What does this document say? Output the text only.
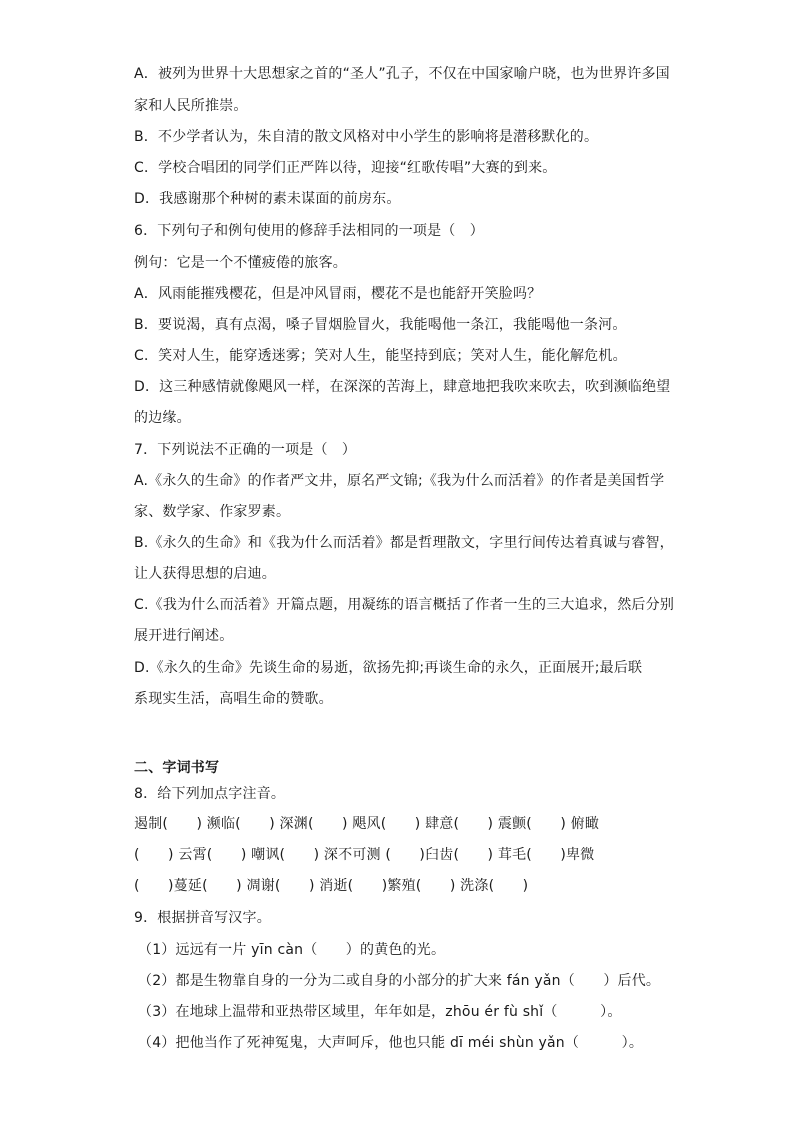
A．被列为世界十大思想家之首的“圣人”孔子，不仅在中国家喻户晓，也为世界许多国
家和人民所推崇。
B．不少学者认为，朱自清的散文风格对中小学生的影响将是潜移默化的。
C．学校合唱团的同学们正严阵以待，迎接“红歌传唱”大赛的到来。
D．我感谢那个种树的素未谋面的前房东。
6．下列句子和例句使用的修辞手法相同的一项是（　）
例句：它是一个不懂疲倦的旅客。
A．风雨能摧残樱花，但是冲风冒雨，樱花不是也能舒开笑脸吗？
B．要说渴，真有点渴，嗓子冒烟脸冒火，我能喝他一条江，我能喝他一条河。
C．笑对人生，能穿透迷雾；笑对人生，能坚持到底；笑对人生，能化解危机。
D．这三种感情就像飓风一样，在深深的苦海上，肆意地把我吹来吹去，吹到濒临绝望
的边缘。
7．下列说法不正确的一项是（　）
A.《永久的生命》的作者严文井，原名严文锦;《我为什么而活着》的作者是美国哲学
家、数学家、作家罗素。
B.《永久的生命》和《我为什么而活着》都是哲理散文，字里行间传达着真诚与睿智，
让人获得思想的启迪。
C.《我为什么而活着》开篇点题，用凝练的语言概括了作者一生的三大追求，然后分别
展开进行阐述。
D.《永久的生命》先谈生命的易逝，欲扬先抑;再谈生命的永久，正面展开;最后联
系现实生活，高唱生命的赞歌。
二、字词书写
8．给下列加点字注音。
遏制(　　) 濒临(　　) 深渊(　　) 飓风(　　) 肆意(　　) 震颤(　　) 俯瞰
(　　) 云霄(　　) 嘲讽(　　) 深不可测 (　　)臼齿(　　) 茸毛(　　)卑微
(　　)蔓延(　　) 凋谢(　　) 消逝(　　)繁殖(　　) 洗涤(　　)
9．根据拼音写汉字。
（1）远远有一片 yīn càn（　　）的黄色的光。
（2）都是生物靠自身的一分为二或自身的小部分的扩大来 fán yǎn（　　）后代。
（3）在地球上温带和亚热带区域里，年年如是，zhōu ér fù shǐ（　　　）。
（4）把他当作了死神冤鬼，大声呵斥，他也只能 dī méi shùn yǎn（　　　）。
